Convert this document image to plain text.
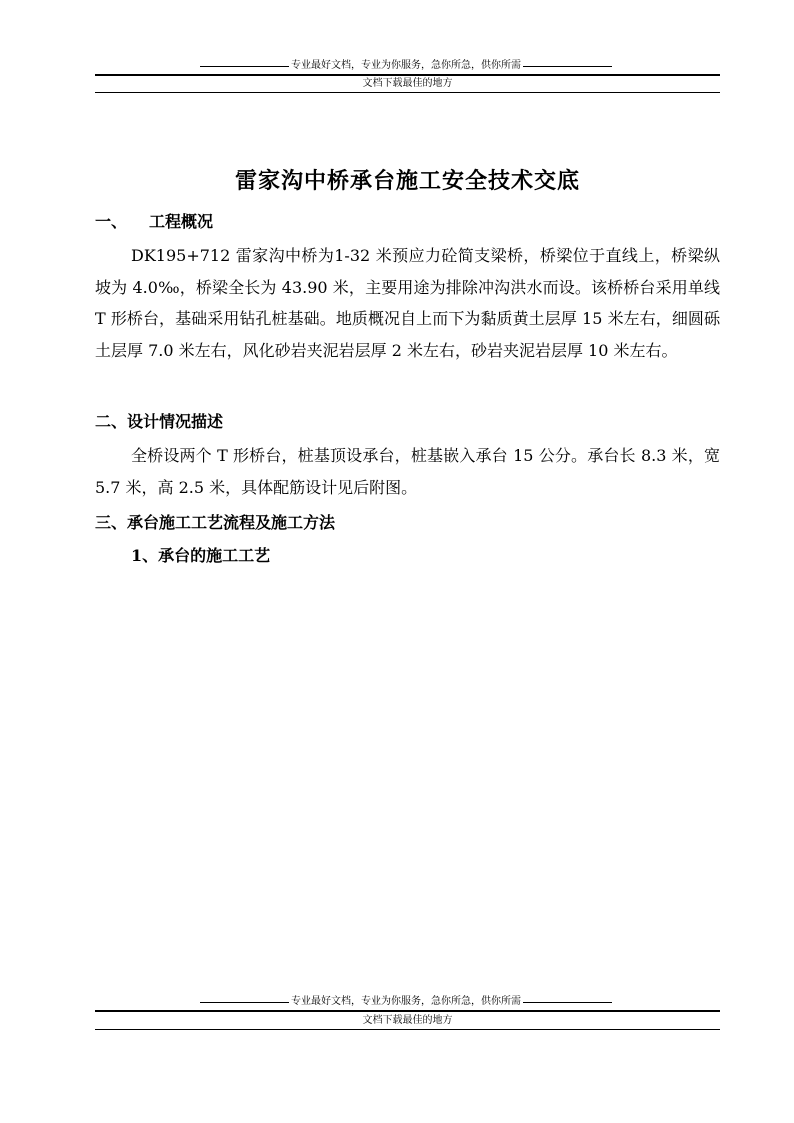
专业最好文档，专业为你服务，急你所急，供你所需
文档下载最佳的地方
雷家沟中桥承台施工安全技术交底
一、 工程概况
DK195+712 雷家沟中桥为1-32 米预应力砼简支梁桥，桥梁位于直线上，桥梁纵坡为 4.0‰，桥梁全长为 43.90 米，主要用途为排除冲沟洪水而设。该桥桥台采用单线 T 形桥台，基础采用钻孔桩基础。地质概况自上而下为黏质黄土层厚 15 米左右，细圆砾土层厚 7.0 米左右，风化砂岩夹泥岩层厚 2 米左右，砂岩夹泥岩层厚 10 米左右。
二、设计情况描述
全桥设两个 T 形桥台，桩基顶设承台，桩基嵌入承台 15 公分。承台长 8.3 米，宽 5.7 米，高 2.5 米，具体配筋设计见后附图。
三、承台施工工艺流程及施工方法
1、承台的施工工艺
专业最好文档，专业为你服务，急你所急，供你所需
文档下载最佳的地方
